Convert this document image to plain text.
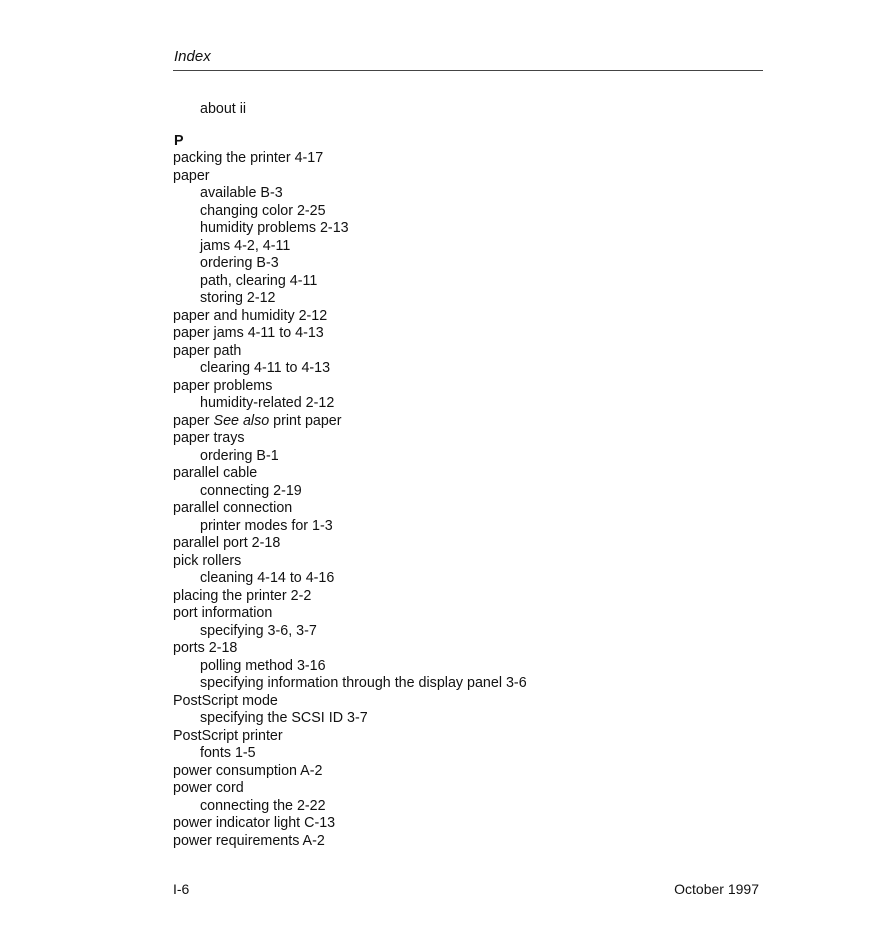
Index
about ii
P
packing the printer 4-17
paper
available B-3
changing color 2-25
humidity problems 2-13
jams 4-2, 4-11
ordering B-3
path, clearing 4-11
storing 2-12
paper and humidity 2-12
paper jams 4-11 to 4-13
paper path
clearing 4-11 to 4-13
paper problems
humidity-related 2-12
paper See also print paper
paper trays
ordering B-1
parallel cable
connecting 2-19
parallel connection
printer modes for 1-3
parallel port 2-18
pick rollers
cleaning 4-14 to 4-16
placing the printer 2-2
port information
specifying 3-6, 3-7
ports 2-18
polling method 3-16
specifying information through the display panel 3-6
PostScript mode
specifying the SCSI ID 3-7
PostScript printer
fonts 1-5
power consumption A-2
power cord
connecting the 2-22
power indicator light C-13
power requirements A-2
I-6	October 1997
